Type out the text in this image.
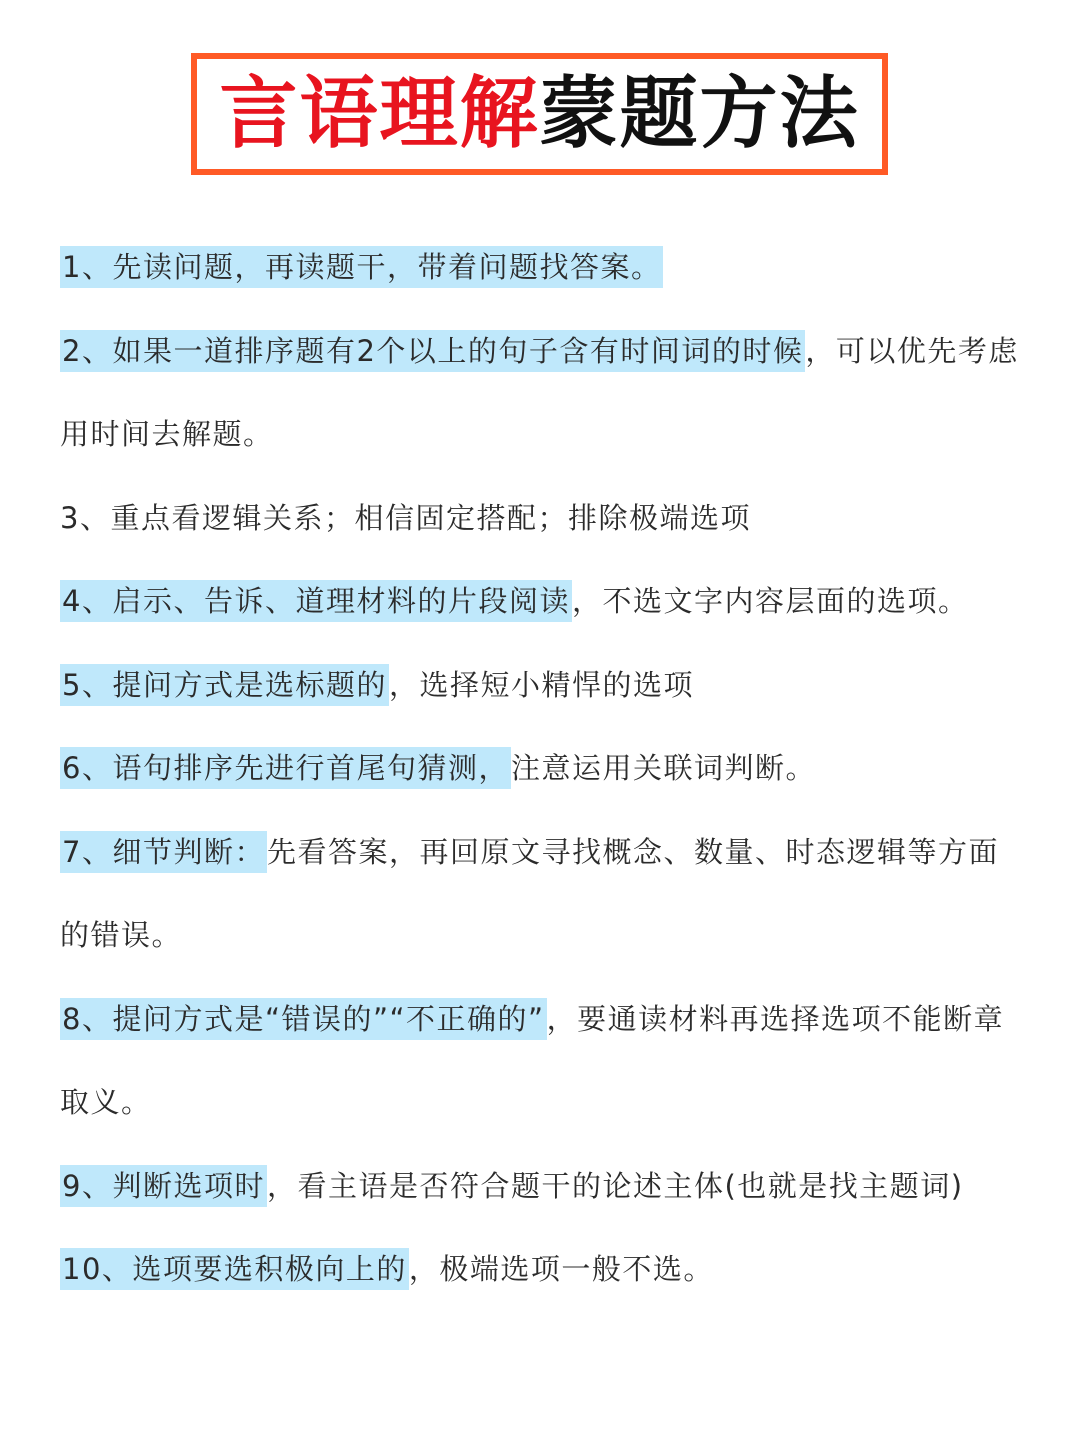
言语理解蒙题方法
1、先读问题，再读题干，带着问题找答案。
2、如果一道排序题有2个以上的句子含有时间词的时候，可以优先考虑用时间去解题。
3、重点看逻辑关系；相信固定搭配；排除极端选项
4、启示、告诉、道理材料的片段阅读，不选文字内容层面的选项。
5、提问方式是选标题的，选择短小精悍的选项
6、语句排序先进行首尾句猜测，注意运用关联词判断。
7、细节判断：先看答案，再回原文寻找概念、数量、时态逻辑等方面的错误。
8、提问方式是“错误的”“不正确的”，要通读材料再选择选项不能断章取义。
9、判断选项时，看主语是否符合题干的论述主体(也就是找主题词)
10、选项要选积极向上的，极端选项一般不选。
